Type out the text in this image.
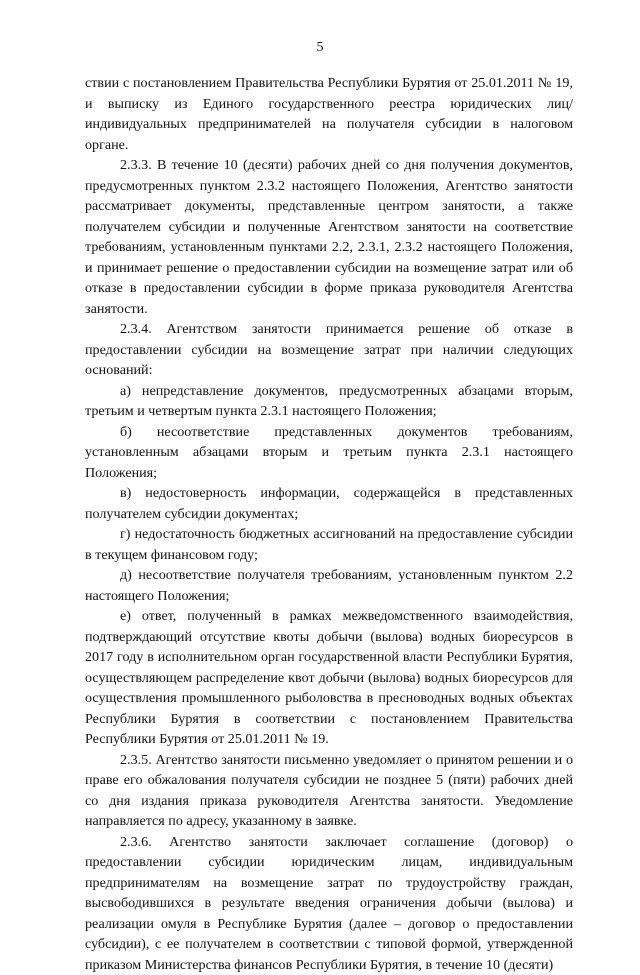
5

ствии с постановлением Правительства Республики Бурятия от 25.01.2011 № 19, и выписку из Единого государственного реестра юридических лиц/индивидуальных предпринимателей на получателя субсидии в налоговом органе.

2.3.3. В течение 10 (десяти) рабочих дней со дня получения документов, предусмотренных пунктом 2.3.2 настоящего Положения, Агентство занятости рассматривает документы, представленные центром занятости, а также получателем субсидии и полученные Агентством занятости на соответствие требованиям, установленным пунктами 2.2, 2.3.1, 2.3.2 настоящего Положения, и принимает решение о предоставлении субсидии на возмещение затрат или об отказе в предоставлении субсидии в форме приказа руководителя Агентства занятости.

2.3.4. Агентством занятости принимается решение об отказе в предоставлении субсидии на возмещение затрат при наличии следующих оснований:

а) непредставление документов, предусмотренных абзацами вторым, третьим и четвертым пункта 2.3.1 настоящего Положения;

б) несоответствие представленных документов требованиям, установленным абзацами вторым и третьим пункта 2.3.1 настоящего Положения;

в) недостоверность информации, содержащейся в представленных получателем субсидии документах;

г) недостаточность бюджетных ассигнований на предоставление субсидии в текущем финансовом году;

д) несоответствие получателя требованиям, установленным пунктом 2.2 настоящего Положения;

е) ответ, полученный в рамках межведомственного взаимодействия, подтверждающий отсутствие квоты добычи (вылова) водных биоресурсов в 2017 году в исполнительном орган государственной власти Республики Бурятия, осуществляющем распределение квот добычи (вылова) водных биоресурсов для осуществления промышленного рыболовства в пресноводных водных объектах Республики Бурятия в соответствии с постановлением Правительства Республики Бурятия от 25.01.2011 № 19.

2.3.5. Агентство занятости письменно уведомляет о принятом решении и о праве его обжалования получателя субсидии не позднее 5 (пяти) рабочих дней со дня издания приказа руководителя Агентства занятости. Уведомление направляется по адресу, указанному в заявке.

2.3.6. Агентство занятости заключает соглашение (договор) о предоставлении субсидии юридическим лицам, индивидуальным предпринимателям на возмещение затрат по трудоустройству граждан, высвободившихся в результате введения ограничения добычи (вылова) и реализации омуля в Республике Бурятия (далее – договор о предоставлении субсидии), с ее получателем в соответствии с типовой формой, утвержденной приказом Министерства финансов Республики Бурятия, в течение 10 (десяти)
